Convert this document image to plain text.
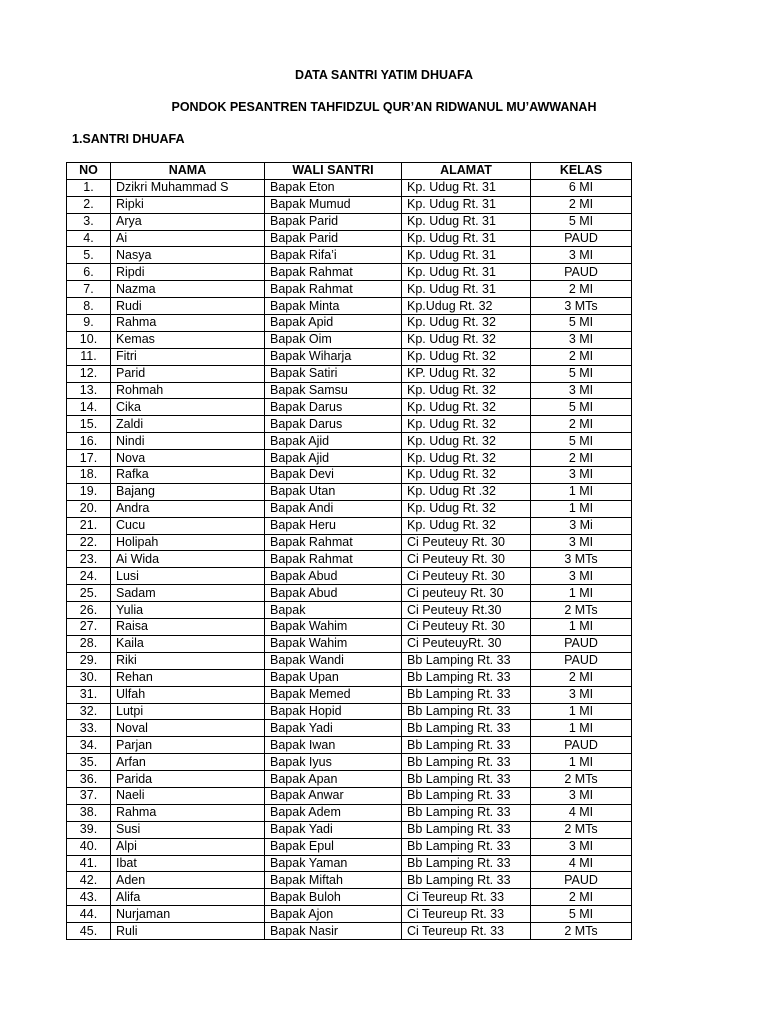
DATA SANTRI YATIM DHUAFA
PONDOK PESANTREN TAHFIDZUL QUR’AN RIDWANUL MU’AWWANAH
1.SANTRI DHUAFA
NO	NAMA	WALI SANTRI	ALAMAT	KELAS
1.	Dzikri Muhammad S	Bapak Eton	Kp. Udug Rt. 31	6 MI
2.	Ripki	Bapak Mumud	Kp. Udug Rt. 31	2 MI
3.	Arya	Bapak Parid	Kp. Udug Rt. 31	5 MI
4.	Ai	Bapak Parid	Kp. Udug Rt. 31	PAUD
5.	Nasya	Bapak Rifa’i	Kp. Udug Rt. 31	3 MI
6.	Ripdi	Bapak Rahmat	Kp. Udug Rt. 31	PAUD
7.	Nazma	Bapak Rahmat	Kp. Udug Rt. 31	2 MI
8.	Rudi	Bapak Minta	Kp.Udug Rt. 32	3 MTs
9.	Rahma	Bapak Apid	Kp. Udug Rt. 32	5 MI
10.	Kemas	Bapak Oim	Kp. Udug Rt. 32	3 MI
11.	Fitri	Bapak Wiharja	Kp. Udug Rt. 32	2 MI
12.	Parid	Bapak Satiri	KP. Udug Rt. 32	5 MI
13.	Rohmah	Bapak Samsu	Kp. Udug Rt. 32	3 MI
14.	Cika	Bapak Darus	Kp. Udug Rt. 32	5 MI
15.	Zaldi	Bapak Darus	Kp. Udug Rt. 32	2 MI
16.	Nindi	Bapak Ajid	Kp. Udug Rt. 32	5 MI
17.	Nova	Bapak Ajid	Kp. Udug Rt. 32	2 MI
18.	Rafka	Bapak Devi	Kp. Udug Rt. 32	3 MI
19.	Bajang	Bapak Utan	Kp. Udug Rt .32	1 MI
20.	Andra	Bapak Andi	Kp. Udug Rt. 32	1 MI
21.	Cucu	Bapak Heru	Kp. Udug Rt. 32	3 Mi
22.	Holipah	Bapak Rahmat	Ci Peuteuy Rt. 30	3 MI
23.	Ai Wida	Bapak Rahmat	Ci Peuteuy Rt. 30	3 MTs
24.	Lusi	Bapak Abud	Ci Peuteuy Rt. 30	3 MI
25.	Sadam	Bapak Abud	Ci peuteuy Rt. 30	1 MI
26.	Yulia	Bapak	Ci Peuteuy Rt.30	2 MTs
27.	Raisa	Bapak Wahim	Ci Peuteuy Rt. 30	1 MI
28.	Kaila	Bapak Wahim	Ci PeuteuyRt. 30	PAUD
29.	Riki	Bapak Wandi	Bb Lamping Rt. 33	PAUD
30.	Rehan	Bapak Upan	Bb Lamping Rt. 33	2 MI
31.	Ulfah	Bapak Memed	Bb Lamping Rt. 33	3 MI
32.	Lutpi	Bapak Hopid	Bb Lamping Rt. 33	1 MI
33.	Noval	Bapak Yadi	Bb Lamping Rt. 33	1 MI
34.	Parjan	Bapak Iwan	Bb Lamping Rt. 33	PAUD
35.	Arfan	Bapak Iyus	Bb Lamping Rt. 33	1 MI
36.	Parida	Bapak Apan	Bb Lamping Rt. 33	2 MTs
37.	Naeli	Bapak Anwar	Bb Lamping Rt. 33	3 MI
38.	Rahma	Bapak Adem	Bb Lamping Rt. 33	4 MI
39.	Susi	Bapak Yadi	Bb Lamping Rt. 33	2 MTs
40.	Alpi	Bapak Epul	Bb Lamping Rt. 33	3 MI
41.	Ibat	Bapak Yaman	Bb Lamping Rt. 33	4 MI
42.	Aden	Bapak Miftah	Bb Lamping Rt. 33	PAUD
43.	Alifa	Bapak Buloh	Ci Teureup Rt. 33	2 MI
44.	Nurjaman	Bapak Ajon	Ci Teureup Rt. 33	5 MI
45.	Ruli	Bapak Nasir	Ci Teureup Rt. 33	2 MTs
